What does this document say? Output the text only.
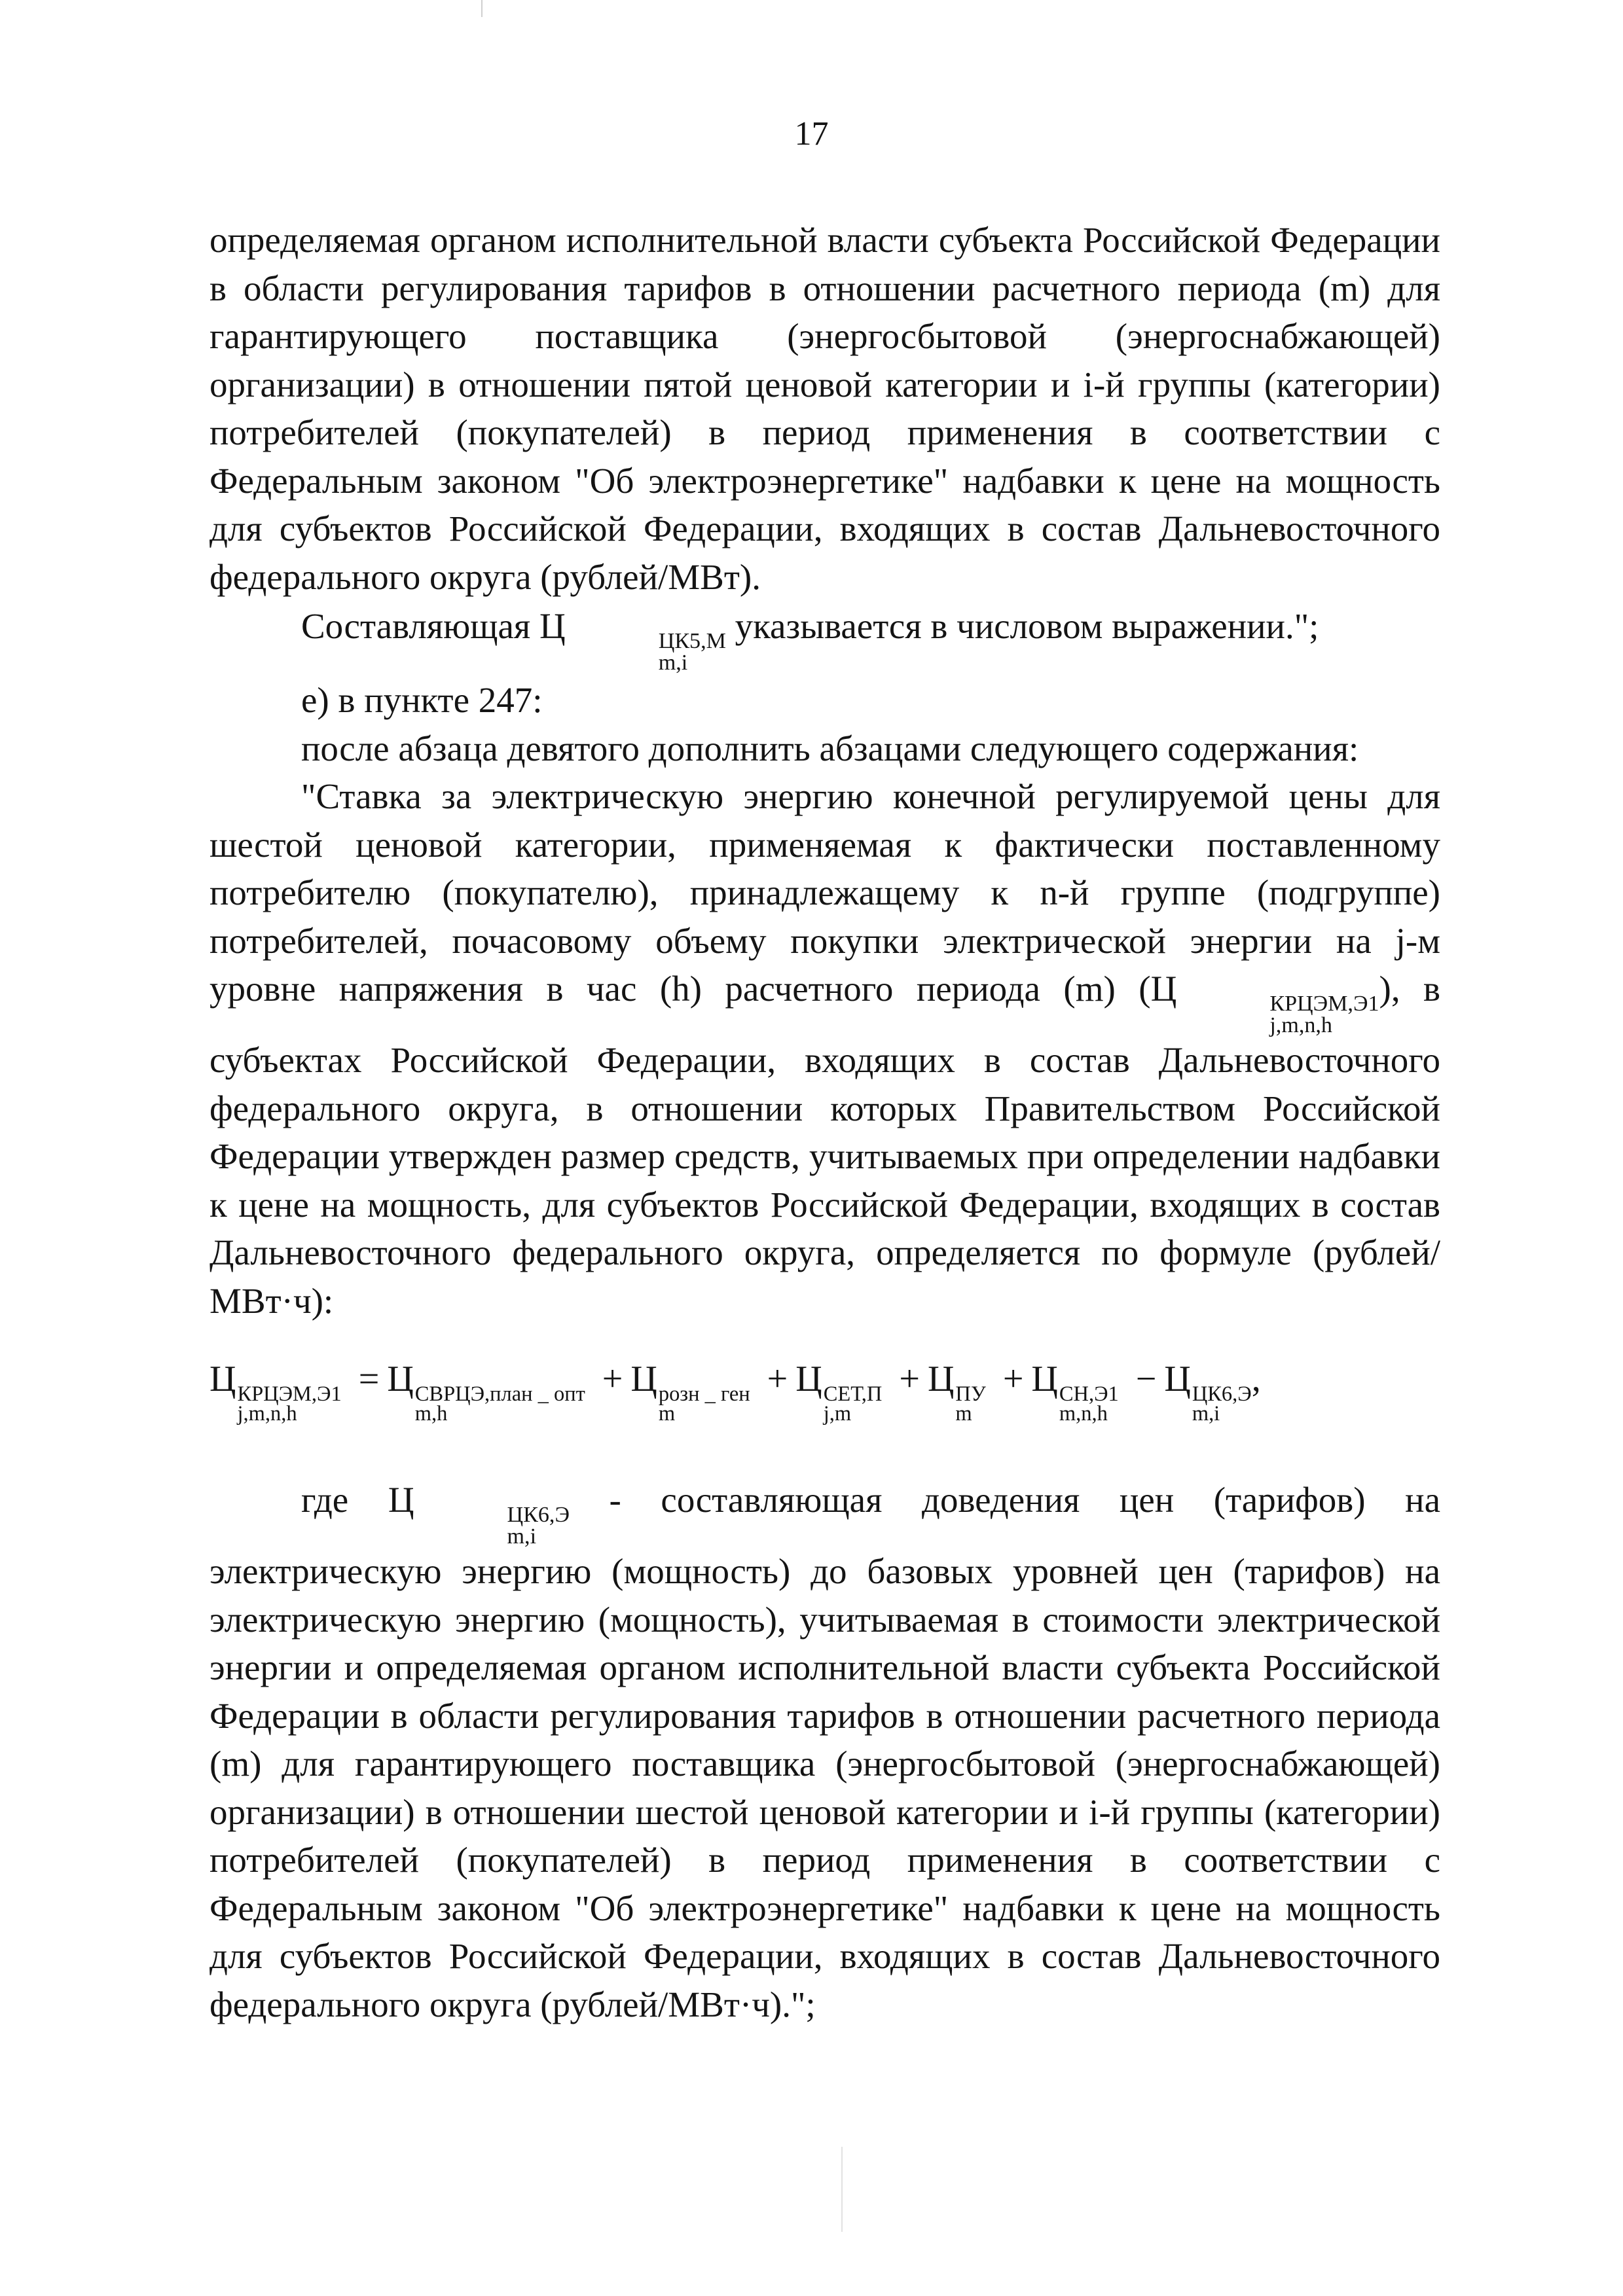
17

определяемая органом исполнительной власти субъекта Российской Федерации в области регулирования тарифов в отношении расчетного периода (m) для гарантирующего поставщика (энергосбытовой (энергоснабжающей) организации) в отношении пятой ценовой категории и i-й группы (категории) потребителей (покупателей) в период применения в соответствии с Федеральным законом "Об электроэнергетике" надбавки к цене на мощность для субъектов Российской Федерации, входящих в состав Дальневосточного федерального округа (рублей/МВт).

Составляющая Ц	ЦК5,М
m,i
указывается в числовом выражении.";

е) в пункте 247:

после абзаца девятого дополнить абзацами следующего содержания:

"Ставка за электрическую энергию конечной регулируемой цены для шестой ценовой категории, применяемая к фактически поставленному потребителю (покупателю), принадлежащему к n-й группе (подгруппе) потребителей, почасовому объему покупки электрической энергии на j-м уровне напряжения в час (h) расчетного периода (m) (Ц	КРЦЭМ,Э1
j,m,n,h
), в субъектах Российской Федерации, входящих в состав Дальневосточного федерального округа, в отношении которых Правительством Российской Федерации утвержден размер средств, учитываемых при определении надбавки к цене на мощность, для субъектов Российской Федерации, входящих в состав Дальневосточного федерального округа, определяется по формуле (рублей/МВт·ч):

Ц КРЦЭМ,Э1
j,m,n,h
= Ц СВРЦЭ,план _ опт
m,h
+ Ц розн _ ген
m
+ Ц СЕТ,П
j,m
+ Ц ПУ
m
+ Ц СН,Э1
m,n,h
− Ц ЦК6,Э
m,i
,

где Ц	ЦК6,Э
m,i
- составляющая доведения цен (тарифов) на электрическую энергию (мощность) до базовых уровней цен (тарифов) на электрическую энергию (мощность), учитываемая в стоимости электрической энергии и определяемая органом исполнительной власти субъекта Российской Федерации в области регулирования тарифов в отношении расчетного периода (m) для гарантирующего поставщика (энергосбытовой (энергоснабжающей) организации) в отношении шестой ценовой категории и i-й группы (категории) потребителей (покупателей) в период применения в соответствии с Федеральным законом "Об электроэнергетике" надбавки к цене на мощность для субъектов Российской Федерации, входящих в состав Дальневосточного федерального округа (рублей/МВт·ч).";
